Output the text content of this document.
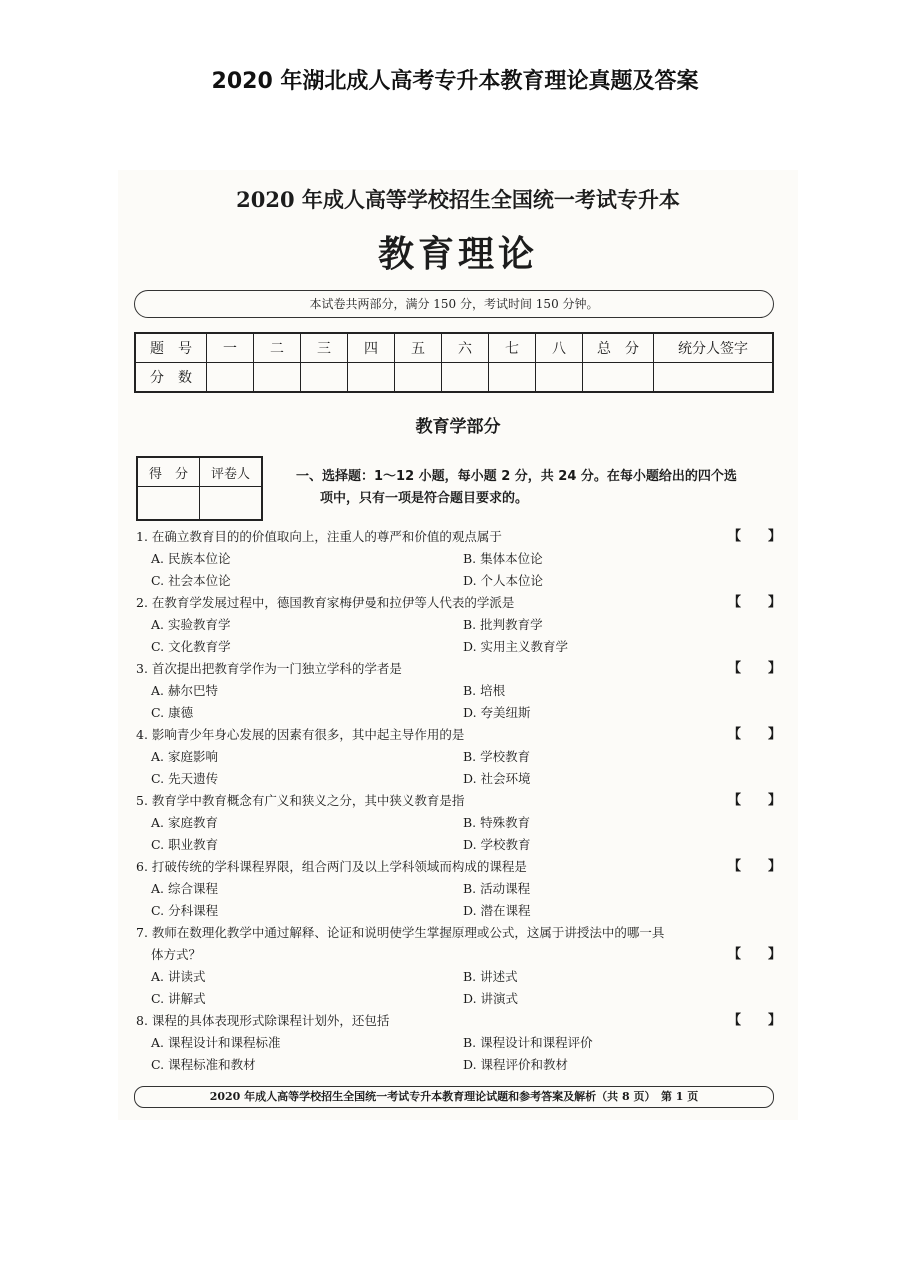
2020 年湖北成人高考专升本教育理论真题及答案
2020 年成人高等学校招生全国统一考试专升本
教育理论
本试卷共两部分，满分 150 分，考试时间 150 分钟。
题　号	一	二	三	四	五	六	七	八	总　分	统分人签字
分　数										
教育学部分
得　分	评卷人
		一、选择题：1～12 小题，每小题 2 分，共 24 分。在每小题给出的四个选
项中，只有一项是符合题目要求的。
1. 在确立教育目的的价值取向上，注重人的尊严和价值的观点属于	【 】
A. 民族本位论	B. 集体本位论
C. 社会本位论	D. 个人本位论
2. 在教育学发展过程中，德国教育家梅伊曼和拉伊等人代表的学派是	【 】
A. 实验教育学	B. 批判教育学
C. 文化教育学	D. 实用主义教育学
3. 首次提出把教育学作为一门独立学科的学者是	【 】
A. 赫尔巴特	B. 培根
C. 康德	D. 夸美纽斯
4. 影响青少年身心发展的因素有很多，其中起主导作用的是	【 】
A. 家庭影响	B. 学校教育
C. 先天遗传	D. 社会环境
5. 教育学中教育概念有广义和狭义之分，其中狭义教育是指	【 】
A. 家庭教育	B. 特殊教育
C. 职业教育	D. 学校教育
6. 打破传统的学科课程界限，组合两门及以上学科领域而构成的课程是	【 】
A. 综合课程	B. 活动课程
C. 分科课程	D. 潜在课程
7. 教师在数理化教学中通过解释、论证和说明使学生掌握原理或公式，这属于讲授法中的哪一具
体方式？	【 】
A. 讲读式	B. 讲述式
C. 讲解式	D. 讲演式
8. 课程的具体表现形式除课程计划外，还包括	【 】
A. 课程设计和课程标准	B. 课程设计和课程评价
C. 课程标准和教材	D. 课程评价和教材
2020 年成人高等学校招生全国统一考试专升本教育理论试题和参考答案及解析（共 8 页）　第 1 页
